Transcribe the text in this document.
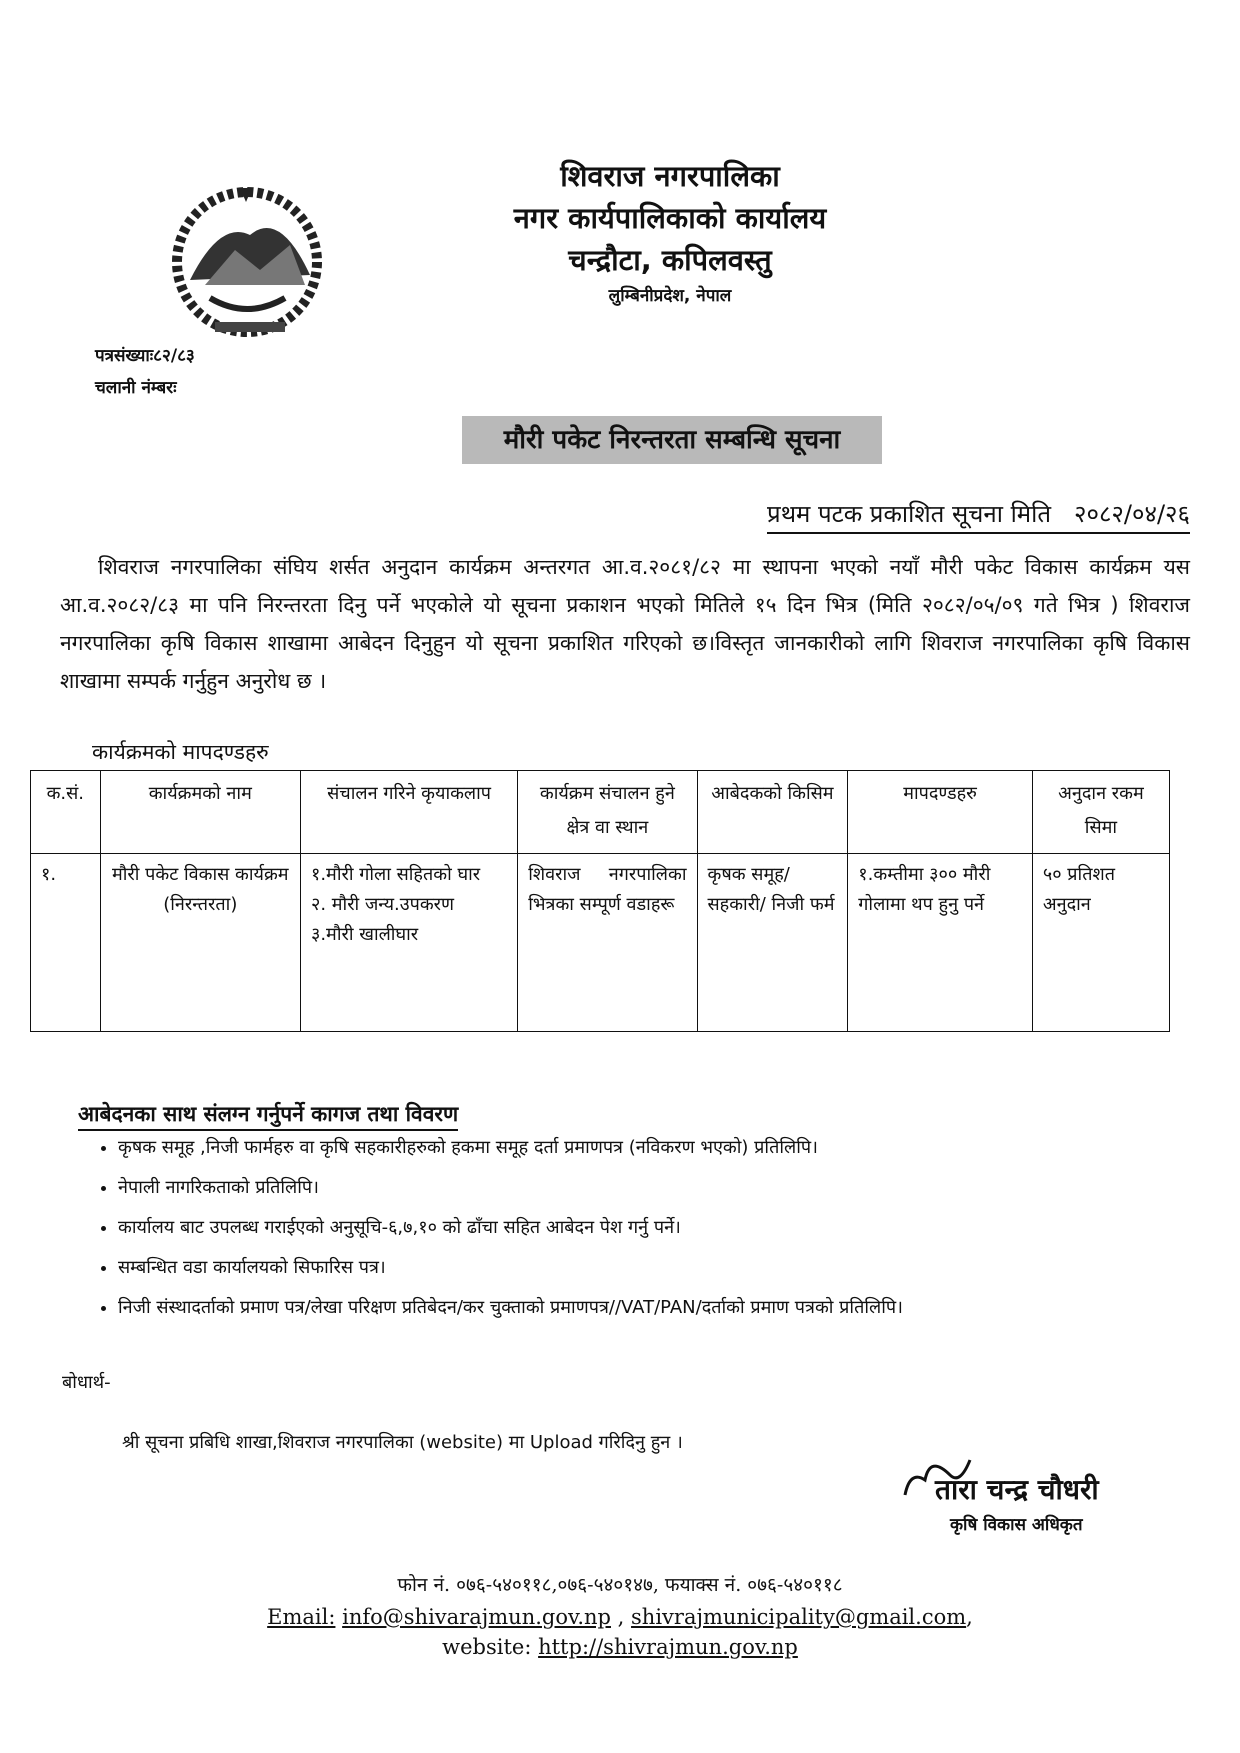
शिवराज नगरपालिका
नगर कार्यपालिकाको कार्यालय
चन्द्रौटा, कपिलवस्तु
लुम्बिनीप्रदेश, नेपाल
पत्रसंख्याः८२/८३
चलानी नंम्बरः
मौरी पकेट निरन्तरता सम्बन्धि सूचना
प्रथम पटक प्रकाशित सूचना मिति २०८२/०४/२६
शिवराज नगरपालिका संघिय शर्सत अनुदान कार्यक्रम अन्तरगत आ.व.२०८१/८२ मा स्थापना भएको नयाँ मौरी पकेट विकास कार्यक्रम यस आ.व.२०८२/८३ मा पनि निरन्तरता दिनु पर्ने भएकोले यो सूचना प्रकाशन भएको मितिले १५ दिन भित्र (मिति २०८२/०५/०९ गते भित्र ) शिवराज नगरपालिका कृषि विकास शाखामा आबेदन दिनुहुन यो सूचना प्रकाशित गरिएको छ।विस्तृत जानकारीको लागि शिवराज नगरपालिका कृषि विकास शाखामा सम्पर्क गर्नुहुन अनुरोध छ ।
कार्यक्रमको मापदण्डहरु
क.सं.	कार्यक्रमको नाम	संचालन गरिने कृयाकलाप	कार्यक्रम संचालन हुने क्षेत्र वा स्थान	आबेदकको किसिम	मापदण्डहरु	अनुदान रकम सिमा
१.	मौरी पकेट विकास कार्यक्रम (निरन्तरता)	१.मौरी गोला सहितको घार
२. मौरी जन्य.उपकरण
३.मौरी खालीघार	शिवराज नगरपालिका भित्रका सम्पूर्ण वडाहरू	कृषक समूह/ सहकारी/ निजी फर्म	१.कम्तीमा ३०० मौरी गोलामा थप हुनु पर्ने	५० प्रतिशत अनुदान
आबेदनका साथ संलग्न गर्नुपर्ने कागज तथा विवरण
• कृषक समूह ,निजी फार्महरु वा कृषि सहकारीहरुको हकमा समूह दर्ता प्रमाणपत्र (नविकरण भएको) प्रतिलिपि।
• नेपाली नागरिकताको प्रतिलिपि।
• कार्यालय बाट उपलब्ध गराईएको अनुसूचि-६,७,१० को ढाँचा सहित आबेदन पेश गर्नु पर्ने।
• सम्बन्धित वडा कार्यालयको सिफारिस पत्र।
• निजी संस्थादर्ताको प्रमाण पत्र/लेखा परिक्षण प्रतिबेदन/कर चुक्ताको प्रमाणपत्र//VAT/PAN/दर्ताको प्रमाण पत्रको प्रतिलिपि।
बोधार्थ-
श्री सूचना प्रबिधि शाखा,शिवराज नगरपालिका (website) मा Upload गरिदिनु हुन ।
तारा चन्द्र चौधरी
कृषि विकास अधिकृत
फोन नं. ०७६-५४०११८,०७६-५४०१४७, फयाक्स नं. ०७६-५४०११८
Email: info@shivarajmun.gov.np , shivrajmunicipality@gmail.com,
website: http://shivrajmun.gov.np
